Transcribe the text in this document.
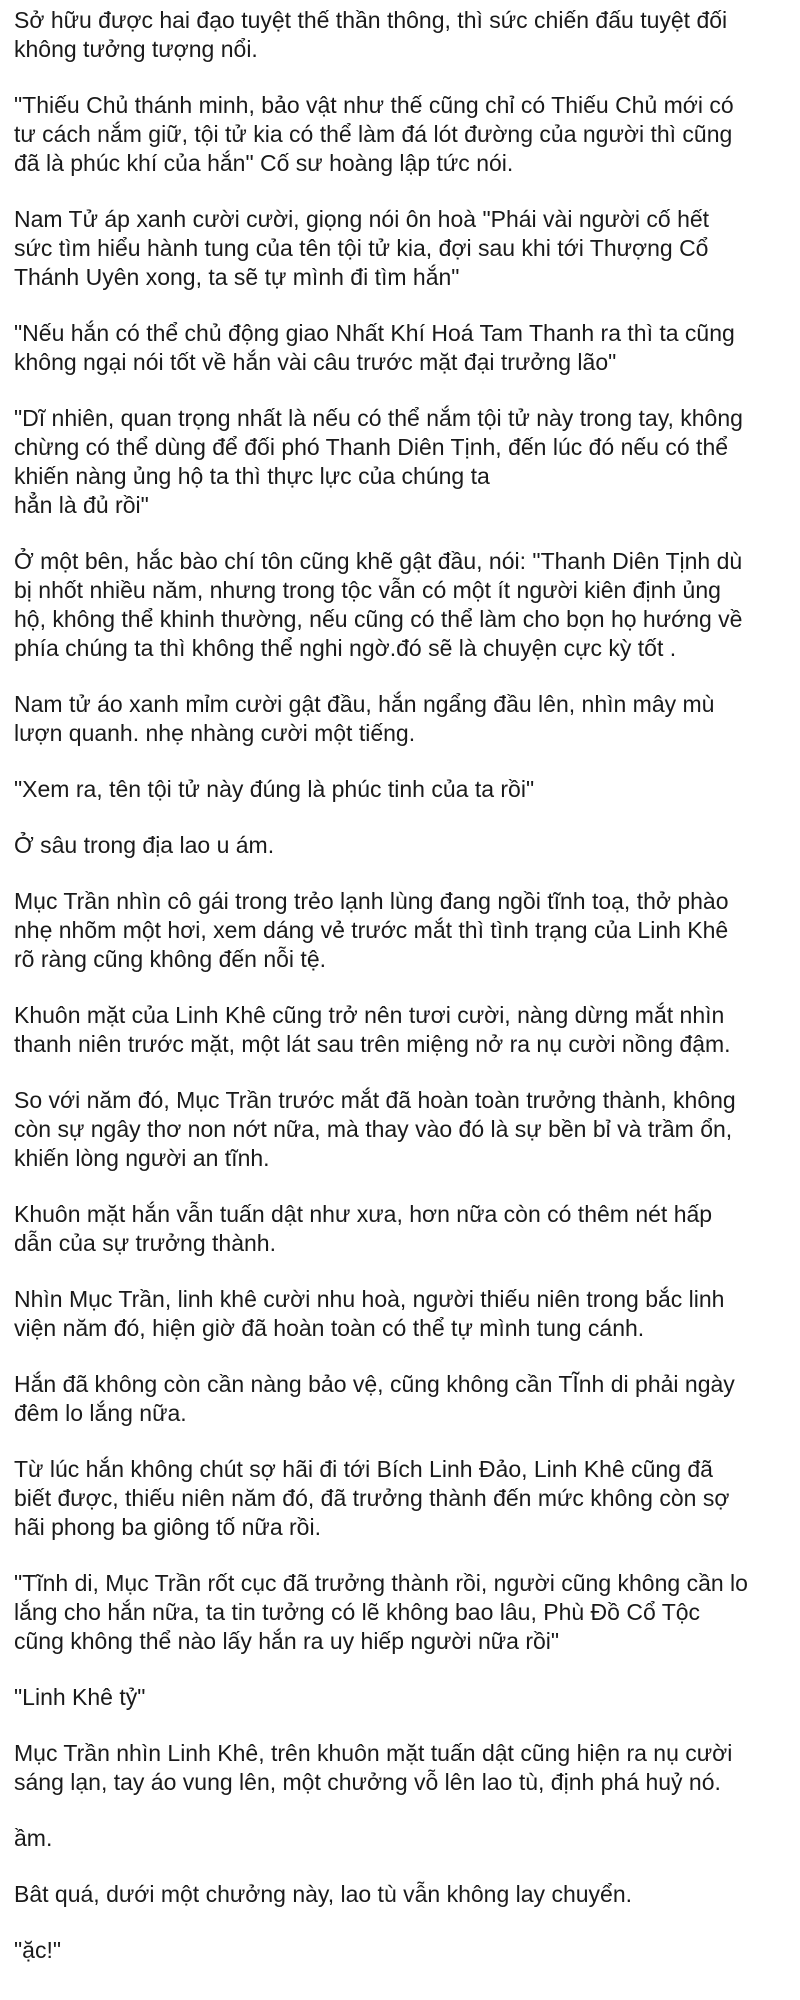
Sở hữu được hai đạo tuyệt thế thần thông, thì sức chiến đấu tuyệt đối
không tưởng tượng nổi.

"Thiếu Chủ thánh minh, bảo vật như thế cũng chỉ có Thiếu Chủ mới có
tư cách nắm giữ, tội tử kia có thể làm đá lót đường của người thì cũng
đã là phúc khí của hắn" Cố sư hoàng lập tức nói.

Nam Tử áp xanh cười cười, giọng nói ôn hoà "Phái vài người cố hết
sức tìm hiểu hành tung của tên tội tử kia, đợi sau khi tới Thượng Cổ
Thánh Uyên xong, ta sẽ tự mình đi tìm hắn"

"Nếu hắn có thể chủ động giao Nhất Khí Hoá Tam Thanh ra thì ta cũng
không ngại nói tốt về hắn vài câu trước mặt đại trưởng lão"

"Dĩ nhiên, quan trọng nhất là nếu có thể nắm tội tử này trong tay, không
chừng có thể dùng để đối phó Thanh Diên Tịnh, đến lúc đó nếu có thể
khiến nàng ủng hộ ta thì thực lực của chúng ta
hẳn là đủ rồi"

Ở một bên, hắc bào chí tôn cũng khẽ gật đầu, nói: "Thanh Diên Tịnh dù
bị nhốt nhiều năm, nhưng trong tộc vẫn có một ít người kiên định ủng
hộ, không thể khinh thường, nếu cũng có thể làm cho bọn họ hướng về
phía chúng ta thì không thể nghi ngờ.đó sẽ là chuyện cực kỳ tốt .

Nam tử áo xanh mỉm cười gật đầu, hắn ngẩng đầu lên, nhìn mây mù
lượn quanh. nhẹ nhàng cười một tiếng.

"Xem ra, tên tội tử này đúng là phúc tinh của ta rồi"

Ở sâu trong địa lao u ám.

Mục Trần nhìn cô gái trong trẻo lạnh lùng đang ngồi tĩnh toạ, thở phào
nhẹ nhõm một hơi, xem dáng vẻ trước mắt thì tình trạng của Linh Khê
rõ ràng cũng không đến nỗi tệ.

Khuôn mặt của Linh Khê cũng trở nên tươi cười, nàng dừng mắt nhìn
thanh niên trước mặt, một lát sau trên miệng nở ra nụ cười nồng đậm.

So với năm đó, Mục Trần trước mắt đã hoàn toàn trưởng thành, không
còn sự ngây thơ non nớt nữa, mà thay vào đó là sự bền bỉ và trầm ổn,
khiến lòng người an tĩnh.

Khuôn mặt hắn vẫn tuấn dật như xưa, hơn nữa còn có thêm nét hấp
dẫn của sự trưởng thành.

Nhìn Mục Trần, linh khê cười nhu hoà, người thiếu niên trong bắc linh
viện năm đó, hiện giờ đã hoàn toàn có thể tự mình tung cánh.

Hắn đã không còn cần nàng bảo vệ, cũng không cần TĨnh di phải ngày
đêm lo lắng nữa.

Từ lúc hắn không chút sợ hãi đi tới Bích Linh Đảo, Linh Khê cũng đã
biết được, thiếu niên năm đó, đã trưởng thành đến mức không còn sợ
hãi phong ba giông tố nữa rồi.

"Tĩnh di, Mục Trần rốt cục đã trưởng thành rồi, người cũng không cần lo
lắng cho hắn nữa, ta tin tưởng có lẽ không bao lâu, Phù Đồ Cổ Tộc
cũng không thể nào lấy hắn ra uy hiếp người nữa rồi"

"Linh Khê tỷ"

Mục Trần nhìn Linh Khê, trên khuôn mặt tuấn dật cũng hiện ra nụ cười
sáng lạn, tay áo vung lên, một chưởng vỗ lên lao tù, định phá huỷ nó.

ầm.

Bât quá, dưới một chưởng này, lao tù vẫn không lay chuyển.

"ặc!"
